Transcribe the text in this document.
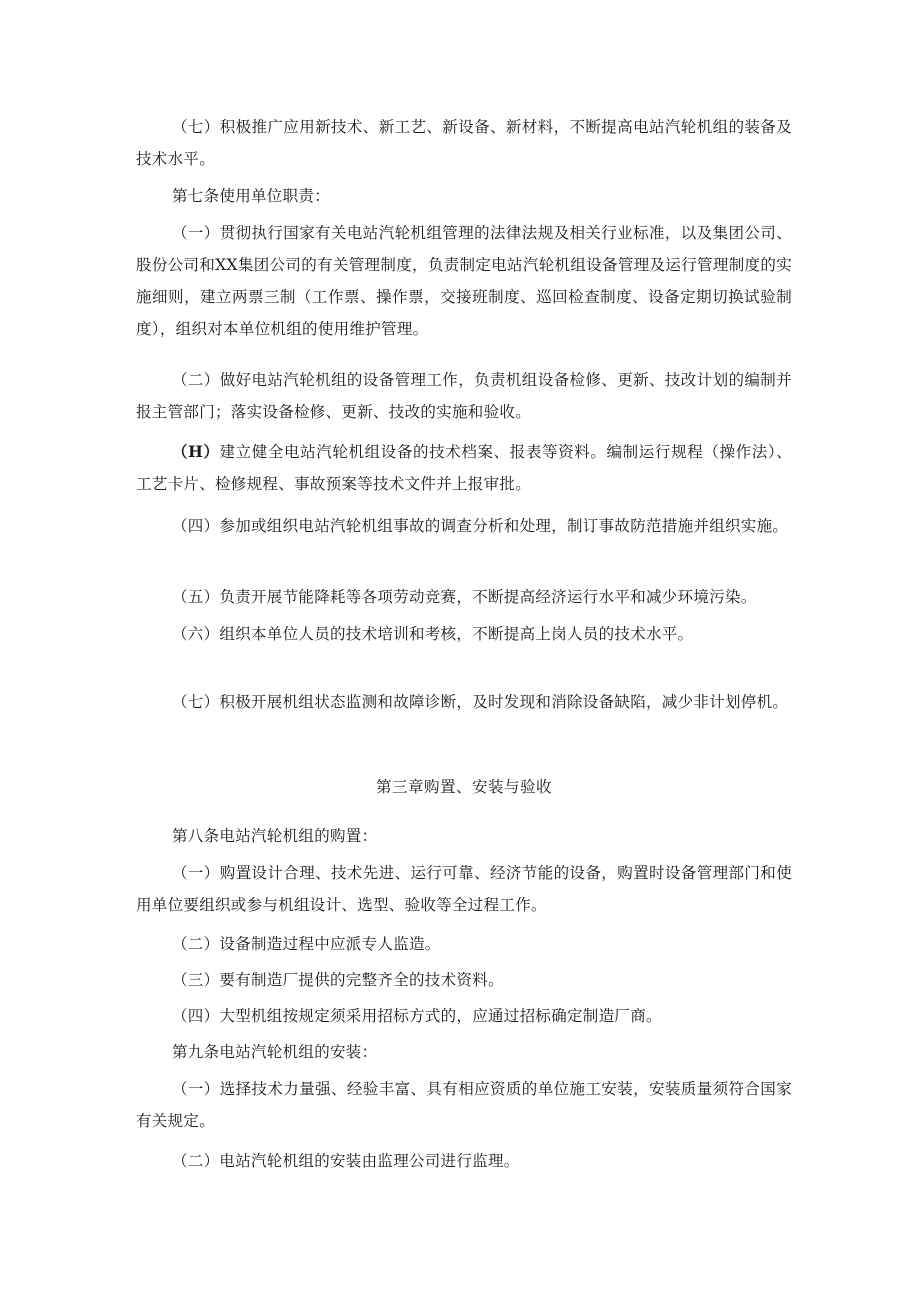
（七）积极推广应用新技术、新工艺、新设备、新材料，不断提高电站汽轮机组的装备及技术水平。

第七条使用单位职责：

（一）贯彻执行国家有关电站汽轮机组管理的法律法规及相关行业标准，以及集团公司、股份公司和XX集团公司的有关管理制度，负责制定电站汽轮机组设备管理及运行管理制度的实施细则，建立两票三制（工作票、操作票，交接班制度、巡回检查制度、设备定期切换试验制度），组织对本单位机组的使用维护管理。

（二）做好电站汽轮机组的设备管理工作，负责机组设备检修、更新、技改计划的编制并报主管部门；落实设备检修、更新、技改的实施和验收。

（H）建立健全电站汽轮机组设备的技术档案、报表等资料。编制运行规程（操作法）、工艺卡片、检修规程、事故预案等技术文件并上报审批。

（四）参加或组织电站汽轮机组事故的调查分析和处理，制订事故防范措施并组织实施。

（五）负责开展节能降耗等各项劳动竞赛，不断提高经济运行水平和减少环境污染。

（六）组织本单位人员的技术培训和考核，不断提高上岗人员的技术水平。

（七）积极开展机组状态监测和故障诊断，及时发现和消除设备缺陷，减少非计划停机。

第三章购置、安装与验收

第八条电站汽轮机组的购置：

（一）购置设计合理、技术先进、运行可靠、经济节能的设备，购置时设备管理部门和使用单位要组织或参与机组设计、选型、验收等全过程工作。

（二）设备制造过程中应派专人监造。

（三）要有制造厂提供的完整齐全的技术资料。

（四）大型机组按规定须采用招标方式的，应通过招标确定制造厂商。

第九条电站汽轮机组的安装：

（一）选择技术力量强、经验丰富、具有相应资质的单位施工安装，安装质量须符合国家有关规定。

（二）电站汽轮机组的安装由监理公司进行监理。
